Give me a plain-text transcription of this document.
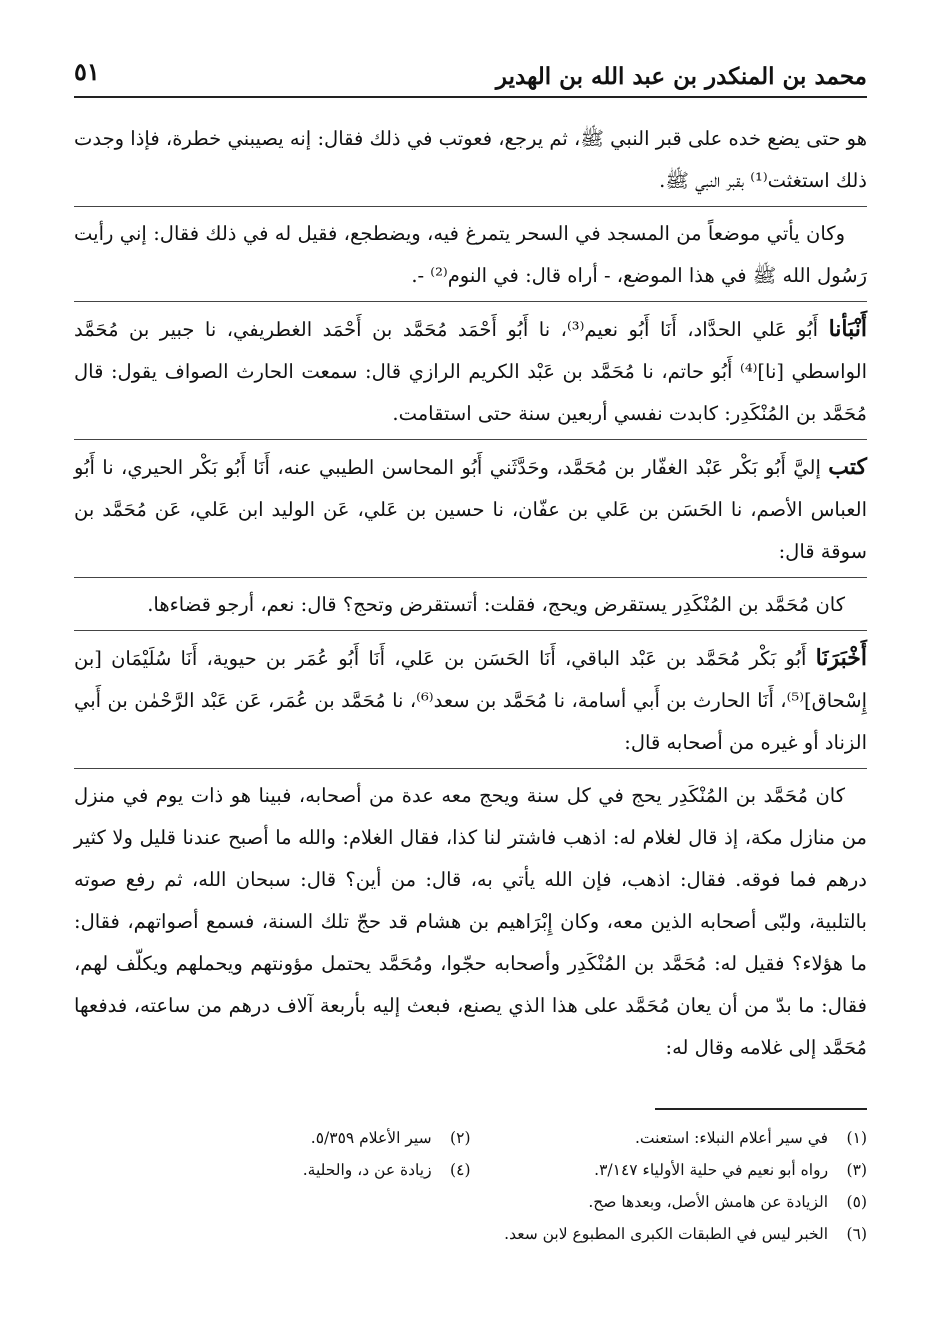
محمد بن المنكدر بن عبد الله بن الهدير
٥١

هو حتى يضع خده على قبر النبي ﷺ، ثم يرجع، فعوتب في ذلك فقال: إنه يصيبني خطرة، فإذا وجدت ذلك استغثت⁽¹⁾ بقبر النبي ﷺ.

وكان يأتي موضعاً من المسجد في السحر يتمرغ فيه، ويضطجع، فقيل له في ذلك فقال: إني رأيت رَسُول الله ﷺ في هذا الموضع، - أراه قال: في النوم⁽²⁾ -.

أَنْبَأنا أَبُو عَلي الحدَّاد، أَنَا أَبُو نعيم⁽³⁾، نا أَبُو أَحْمَد مُحَمَّد بن أَحْمَد الغطريفي، نا جبير بن مُحَمَّد الواسطي [نا]⁽⁴⁾ أَبُو حاتم، نا مُحَمَّد بن عَبْد الكريم الرازي قال: سمعت الحارث الصواف يقول: قال مُحَمَّد بن المُنْكَدِر: كابدت نفسي أربعين سنة حتى استقامت.

كتب إليَّ أَبُو بَكْر عَبْد الغفّار بن مُحَمَّد، وحَدَّثَني أَبُو المحاسن الطيبي عنه، أَنَا أَبُو بَكْر الحيري، نا أَبُو العباس الأصم، نا الحَسَن بن عَلي بن عفّان، نا حسين بن عَلي، عَن الوليد ابن عَلي، عَن مُحَمَّد بن سوقة قال:

كان مُحَمَّد بن المُنْكَدِر يستقرض ويحج، فقلت: أتستقرض وتحج؟ قال: نعم، أرجو قضاءها.

أَخْبَرَنَا أَبُو بَكْر مُحَمَّد بن عَبْد الباقي، أَنَا الحَسَن بن عَلي، أَنَا أَبُو عُمَر بن حيوية، أَنَا سُلَيْمَان [بن إِسْحاق]⁽⁵⁾، أَنَا الحارث بن أَبي أسامة، نا مُحَمَّد بن سعد⁽⁶⁾، نا مُحَمَّد بن عُمَر، عَن عَبْد الرَّحْمٰن بن أَبي الزناد أو غيره من أصحابه قال:

كان مُحَمَّد بن المُنْكَدِر يحج في كل سنة ويحج معه عدة من أصحابه، فبينا هو ذات يوم في منزل من منازل مكة، إذ قال لغلام له: اذهب فاشتر لنا كذا، فقال الغلام: والله ما أصبح عندنا قليل ولا كثير درهم فما فوقه. فقال: اذهب، فإن الله يأتي به، قال: من أين؟ قال: سبحان الله، ثم رفع صوته بالتلبية، ولبّى أصحابه الذين معه، وكان إِبْرَاهيم بن هشام قد حجّ تلك السنة، فسمع أصواتهم، فقال: ما هؤلاء؟ فقيل له: مُحَمَّد بن المُنْكَدِر وأصحابه حجّوا، ومُحَمَّد يحتمل مؤونتهم ويحملهم ويكلّف لهم، فقال: ما بدّ من أن يعان مُحَمَّد على هذا الذي يصنع، فبعث إليه بأربعة آلاف درهم من ساعته، فدفعها مُحَمَّد إلى غلامه وقال له:

(١) في سير أعلام النبلاء: استعنت.
(٢) سير الأعلام ٥/٣٥٩.
(٣) رواه أبو نعيم في حلية الأولياء ٣/١٤٧.
(٤) زيادة عن د، والحلية.
(٥) الزيادة عن هامش الأصل، وبعدها صح.
(٦) الخبر ليس في الطبقات الكبرى المطبوع لابن سعد.
